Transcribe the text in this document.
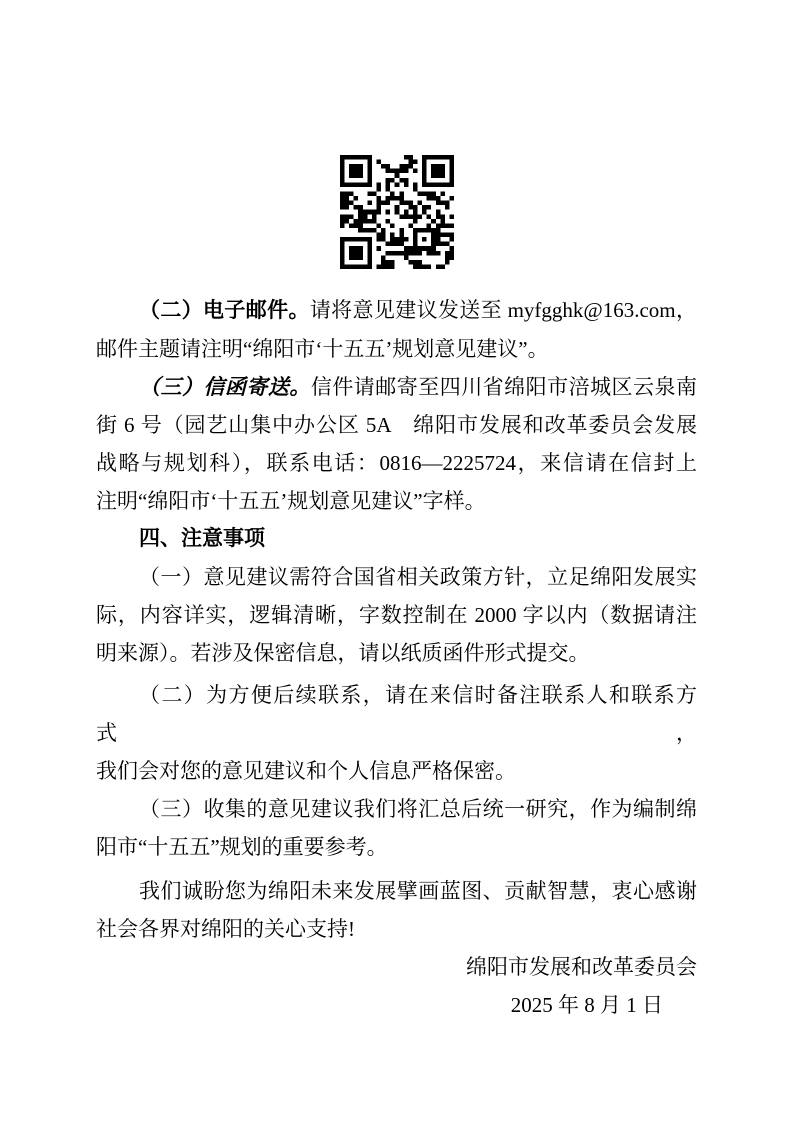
（二）电子邮件。请将意见建议发送至 myfgghk@163.com，
邮件主题请注明“绵阳市‘十五五’规划意见建议”。
（三）信函寄送。信件请邮寄至四川省绵阳市涪城区云泉南
街 6 号（园艺山集中办公区 5A　绵阳市发展和改革委员会发展
战略与规划科），联系电话：0816—2225724，来信请在信封上
注明“绵阳市‘十五五’规划意见建议”字样。
四、注意事项
（一）意见建议需符合国省相关政策方针，立足绵阳发展实
际，内容详实，逻辑清晰，字数控制在 2000 字以内（数据请注
明来源）。若涉及保密信息，请以纸质函件形式提交。
（二）为方便后续联系，请在来信时备注联系人和联系方式，
我们会对您的意见建议和个人信息严格保密。
（三）收集的意见建议我们将汇总后统一研究，作为编制绵
阳市“十五五”规划的重要参考。
我们诚盼您为绵阳未来发展擘画蓝图、贡献智慧，衷心感谢
社会各界对绵阳的关心支持!
绵阳市发展和改革委员会
2025 年 8 月 1 日
